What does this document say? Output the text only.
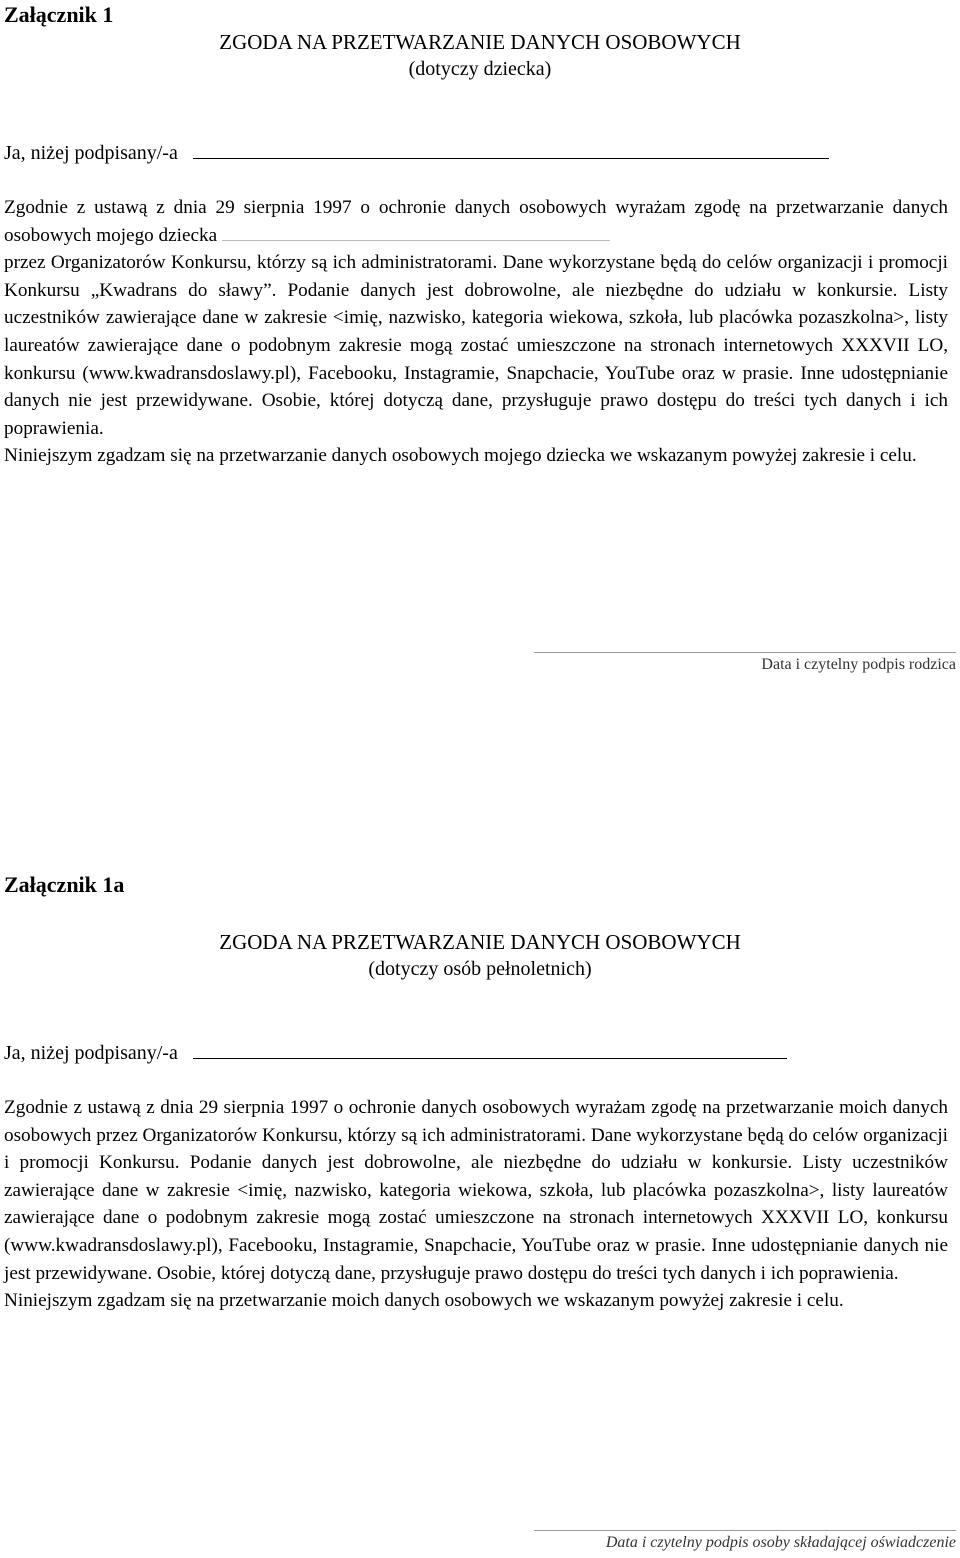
Załącznik 1
ZGODA NA PRZETWARZANIE DANYCH OSOBOWYCH
(dotyczy dziecka)
Ja, niżej podpisany/-a

Zgodnie z ustawą z dnia 29 sierpnia 1997 o ochronie danych osobowych wyrażam zgodę na przetwarzanie danych osobowych mojego dziecka

przez Organizatorów Konkursu, którzy są ich administratorami. Dane wykorzystane będą do celów organizacji i promocji Konkursu „Kwadrans do sławy”. Podanie danych jest dobrowolne, ale niezbędne do udziału w konkursie. Listy uczestników zawierające dane w zakresie <imię, nazwisko, kategoria wiekowa, szkoła, lub placówka pozaszkolna>, listy laureatów zawierające dane o podobnym zakresie mogą zostać umieszczone na stronach internetowych XXXVII LO, konkursu (www.kwadransdoslawy.pl), Facebooku, Instagramie, Snapchacie, YouTube oraz w prasie. Inne udostępnianie danych nie jest przewidywane. Osobie, której dotyczą dane, przysługuje prawo dostępu do treści tych danych i ich poprawienia.

Niniejszym zgadzam się na przetwarzanie danych osobowych mojego dziecka we wskazanym powyżej zakresie i celu.

Data i czytelny podpis rodzica
Załącznik 1a
ZGODA NA PRZETWARZANIE DANYCH OSOBOWYCH
(dotyczy osób pełnoletnich)
Ja, niżej podpisany/-a

Zgodnie z ustawą z dnia 29 sierpnia 1997 o ochronie danych osobowych wyrażam zgodę na przetwarzanie moich danych osobowych przez Organizatorów Konkursu, którzy są ich administratorami. Dane wykorzystane będą do celów organizacji i promocji Konkursu. Podanie danych jest dobrowolne, ale niezbędne do udziału w konkursie. Listy uczestników zawierające dane w zakresie <imię, nazwisko, kategoria wiekowa, szkoła, lub placówka pozaszkolna>, listy laureatów zawierające dane o podobnym zakresie mogą zostać umieszczone na stronach internetowych XXXVII LO, konkursu (www.kwadransdoslawy.pl), Facebooku, Instagramie, Snapchacie, YouTube oraz w prasie. Inne udostępnianie danych nie jest przewidywane. Osobie, której dotyczą dane, przysługuje prawo dostępu do treści tych danych i ich poprawienia.

Niniejszym zgadzam się na przetwarzanie moich danych osobowych we wskazanym powyżej zakresie i celu.

Data i czytelny podpis osoby składającej oświadczenie
